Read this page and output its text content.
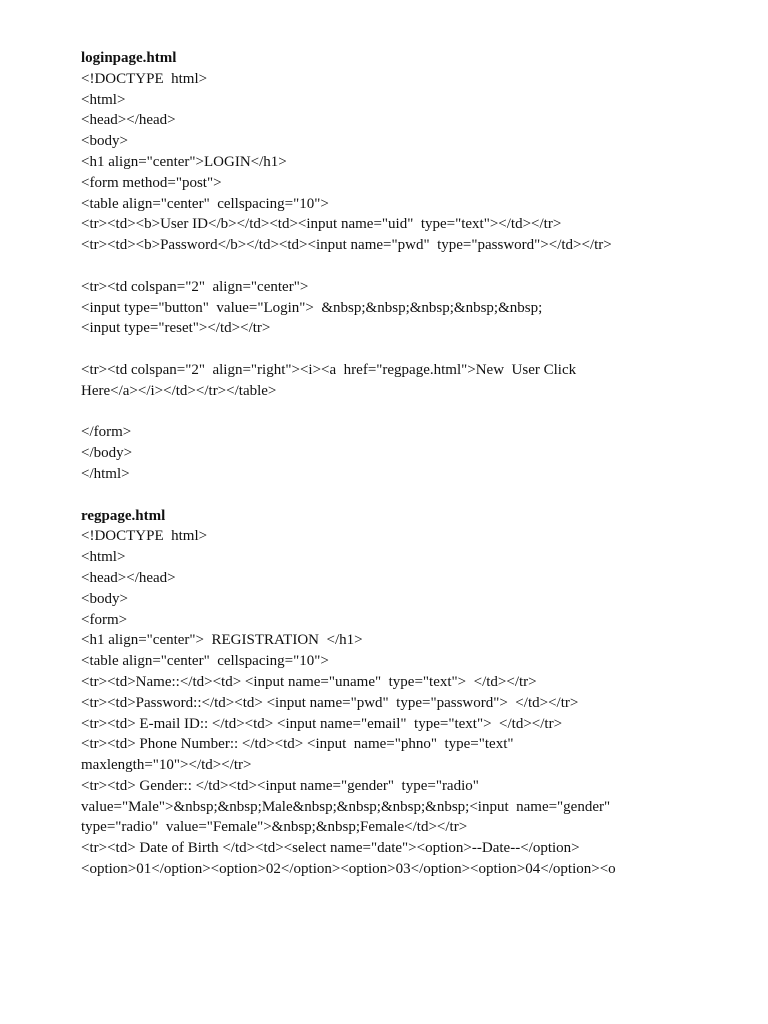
loginpage.html
<!DOCTYPE  html>
<html>
<head></head>
<body>
<h1 align="center">LOGIN</h1>
<form method="post">
<table align="center"  cellspacing="10">
<tr><td><b>User ID</b></td><td><input name="uid"  type="text"></td></tr>
<tr><td><b>Password</b></td><td><input name="pwd"  type="password"></td></tr>
<tr><td colspan="2"  align="center">
<input type="button"  value="Login">  &nbsp;&nbsp;&nbsp;&nbsp;&nbsp;
<input type="reset"></td></tr>
<tr><td colspan="2"  align="right"><i><a  href="regpage.html">New  User Click
Here</a></i></td></tr></table>
</form>
</body>
</html>
regpage.html
<!DOCTYPE  html>
<html>
<head></head>
<body>
<form>
<h1 align="center">  REGISTRATION  </h1>
<table align="center"  cellspacing="10">
<tr><td>Name::</td><td> <input name="uname"  type="text">  </td></tr>
<tr><td>Password::</td><td> <input name="pwd"  type="password">  </td></tr>
<tr><td> E-mail ID:: </td><td> <input name="email"  type="text">  </td></tr>
<tr><td> Phone Number:: </td><td> <input  name="phno"  type="text"
maxlength="10"></td></tr>
<tr><td> Gender:: </td><td><input name="gender"  type="radio"
value="Male">&nbsp;&nbsp;Male&nbsp;&nbsp;&nbsp;&nbsp;<input  name="gender"
type="radio"  value="Female">&nbsp;&nbsp;Female</td></tr>
<tr><td> Date of Birth </td><td><select name="date"><option>--Date--</option>
<option>01</option><option>02</option><option>03</option><option>04</option><o
